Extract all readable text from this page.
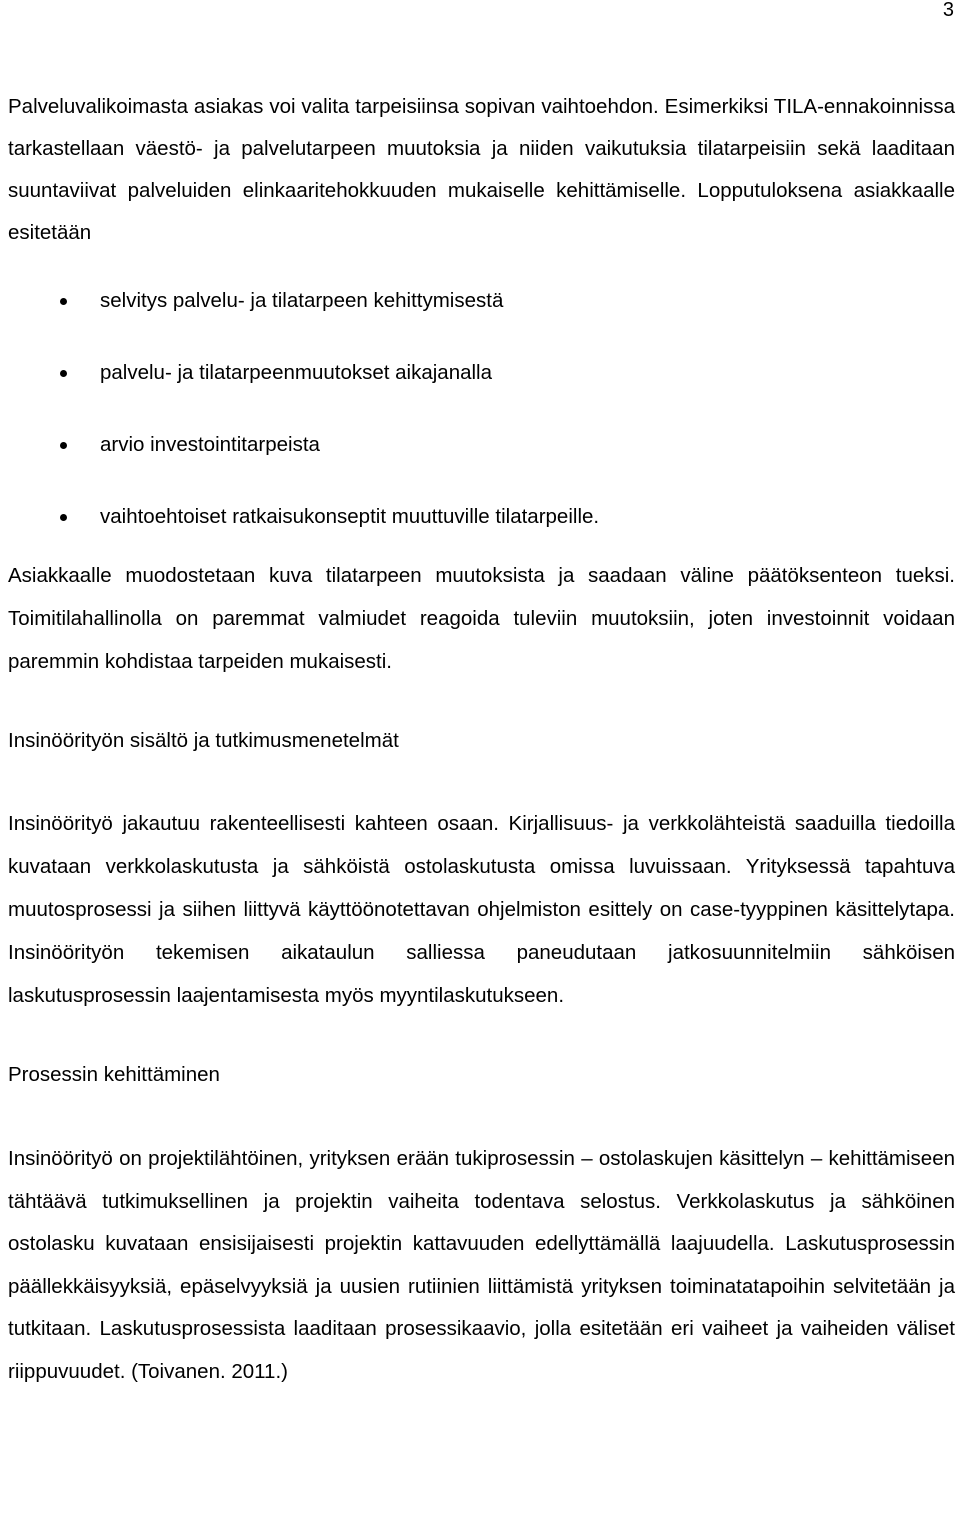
3

Palveluvalikoimasta asiakas voi valita tarpeisiinsa sopivan vaihtoehdon. Esimerkiksi TILA-ennakoinnissa tarkastellaan väestö- ja palvelutarpeen muutoksia ja niiden vaikutuksia tilatarpeisiin sekä laaditaan suuntaviivat palveluiden elinkaaritehokkuuden mukaiselle kehittämiselle. Lopputuloksena asiakkaalle esitetään

selvitys palvelu- ja tilatarpeen kehittymisestä
palvelu- ja tilatarpeenmuutokset aikajanalla
arvio investointitarpeista
vaihtoehtoiset ratkaisukonseptit muuttuville tilatarpeille.

Asiakkaalle muodostetaan kuva tilatarpeen muutoksista ja saadaan väline päätöksenteon tueksi. Toimitilahallinolla on paremmat valmiudet reagoida tuleviin muutoksiin, joten investoinnit voidaan paremmin kohdistaa tarpeiden mukaisesti.

Insinöörityön sisältö ja tutkimusmenetelmät

Insinöörityö jakautuu rakenteellisesti kahteen osaan. Kirjallisuus- ja verkkolähteistä saaduilla tiedoilla kuvataan verkkolaskutusta ja sähköistä ostolaskutusta omissa luvuissaan. Yrityksessä tapahtuva muutosprosessi ja siihen liittyvä käyttöönotettavan ohjelmiston esittely on case-tyyppinen käsittelytapa. Insinöörityön tekemisen aikataulun salliessa paneudutaan jatkosuunnitelmiin sähköisen laskutusprosessin laajentamisesta myös myyntilaskutukseen.

Prosessin kehittäminen

Insinöörityö on projektilähtöinen, yrityksen erään tukiprosessin – ostolaskujen käsittelyn – kehittämiseen tähtäävä tutkimuksellinen ja projektin vaiheita todentava selostus. Verkkolaskutus ja sähköinen ostolasku kuvataan ensisijaisesti projektin kattavuuden edellyttämällä laajuudella. Laskutusprosessin päällekkäisyyksiä, epäselvyyksiä ja uusien rutiinien liittämistä yrityksen toiminatatapoihin selvitetään ja tutkitaan. Laskutusprosessista laaditaan prosessikaavio, jolla esitetään eri vaiheet ja vaiheiden väliset riippuvuudet. (Toivanen. 2011.)
